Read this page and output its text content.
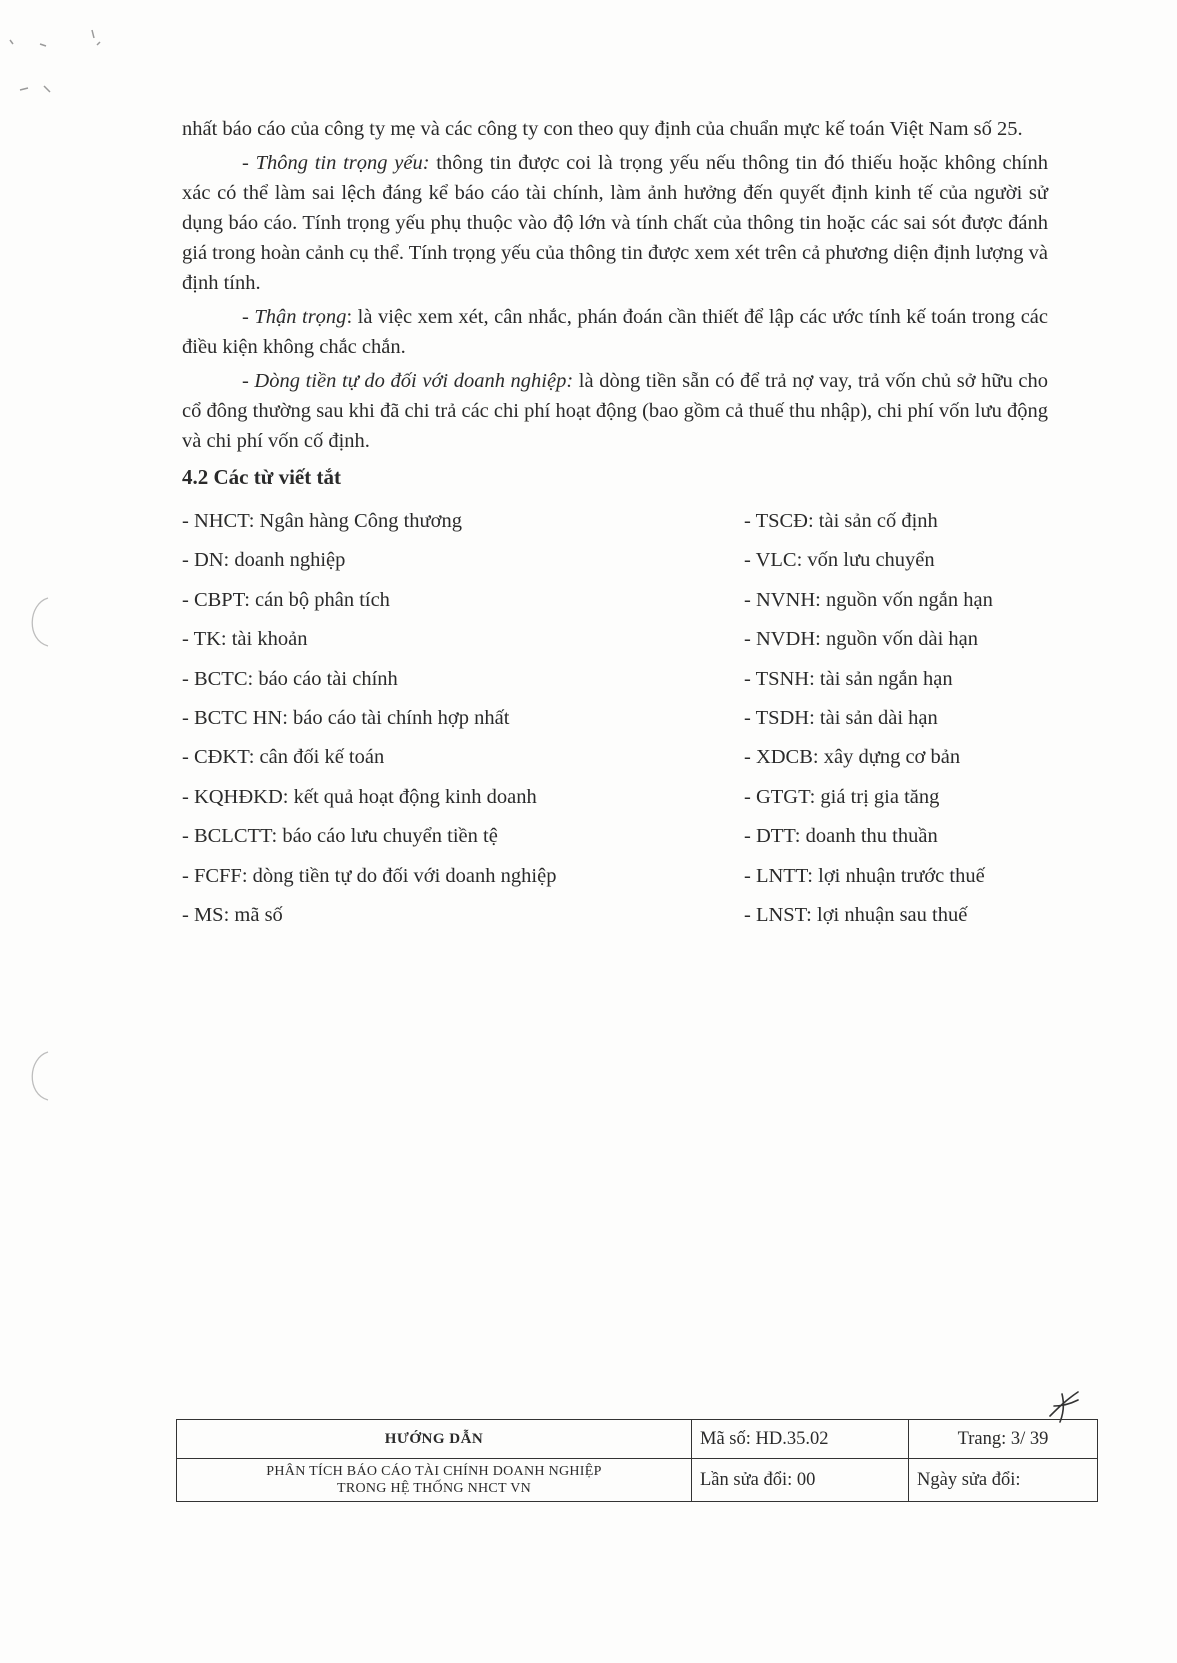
nhất báo cáo của công ty mẹ và các công ty con theo quy định của chuẩn mực kế toán Việt Nam số 25.

- Thông tin trọng yếu: thông tin được coi là trọng yếu nếu thông tin đó thiếu hoặc không chính xác có thể làm sai lệch đáng kể báo cáo tài chính, làm ảnh hưởng đến quyết định kinh tế của người sử dụng báo cáo. Tính trọng yếu phụ thuộc vào độ lớn và tính chất của thông tin hoặc các sai sót được đánh giá trong hoàn cảnh cụ thể. Tính trọng yếu của thông tin được xem xét trên cả phương diện định lượng và định tính.

- Thận trọng: là việc xem xét, cân nhắc, phán đoán cần thiết để lập các ước tính kế toán trong các điều kiện không chắc chắn.

- Dòng tiền tự do đối với doanh nghiệp: là dòng tiền sẵn có để trả nợ vay, trả vốn chủ sở hữu cho cổ đông thường sau khi đã chi trả các chi phí hoạt động (bao gồm cả thuế thu nhập), chi phí vốn lưu động và chi phí vốn cố định.

4.2 Các từ viết tắt
- NHCT: Ngân hàng Công thương
- DN: doanh nghiệp
- CBPT: cán bộ phân tích
- TK: tài khoản
- BCTC: báo cáo tài chính
- BCTC HN: báo cáo tài chính hợp nhất
- CĐKT: cân đối kế toán
- KQHĐKD: kết quả hoạt động kinh doanh
- BCLCTT: báo cáo lưu chuyển tiền tệ
- FCFF: dòng tiền tự do đối với doanh nghiệp
- MS: mã số
- TSCĐ: tài sản cố định
- VLC: vốn lưu chuyển
- NVNH: nguồn vốn ngắn hạn
- NVDH: nguồn vốn dài hạn
- TSNH: tài sản ngắn hạn
- TSDH: tài sản dài hạn
- XDCB: xây dựng cơ bản
- GTGT: giá trị gia tăng
- DTT: doanh thu thuần
- LNTT: lợi nhuận trước thuế
- LNST: lợi nhuận sau thuế
HƯỚNG DẪN	Mã số: HD.35.02	Trang: 3/ 39

PHÂN TÍCH BÁO CÁO TÀI CHÍNH DOANH NGHIỆP
TRONG HỆ THỐNG NHCT VN	Lần sửa đổi: 00	Ngày sửa đổi:
